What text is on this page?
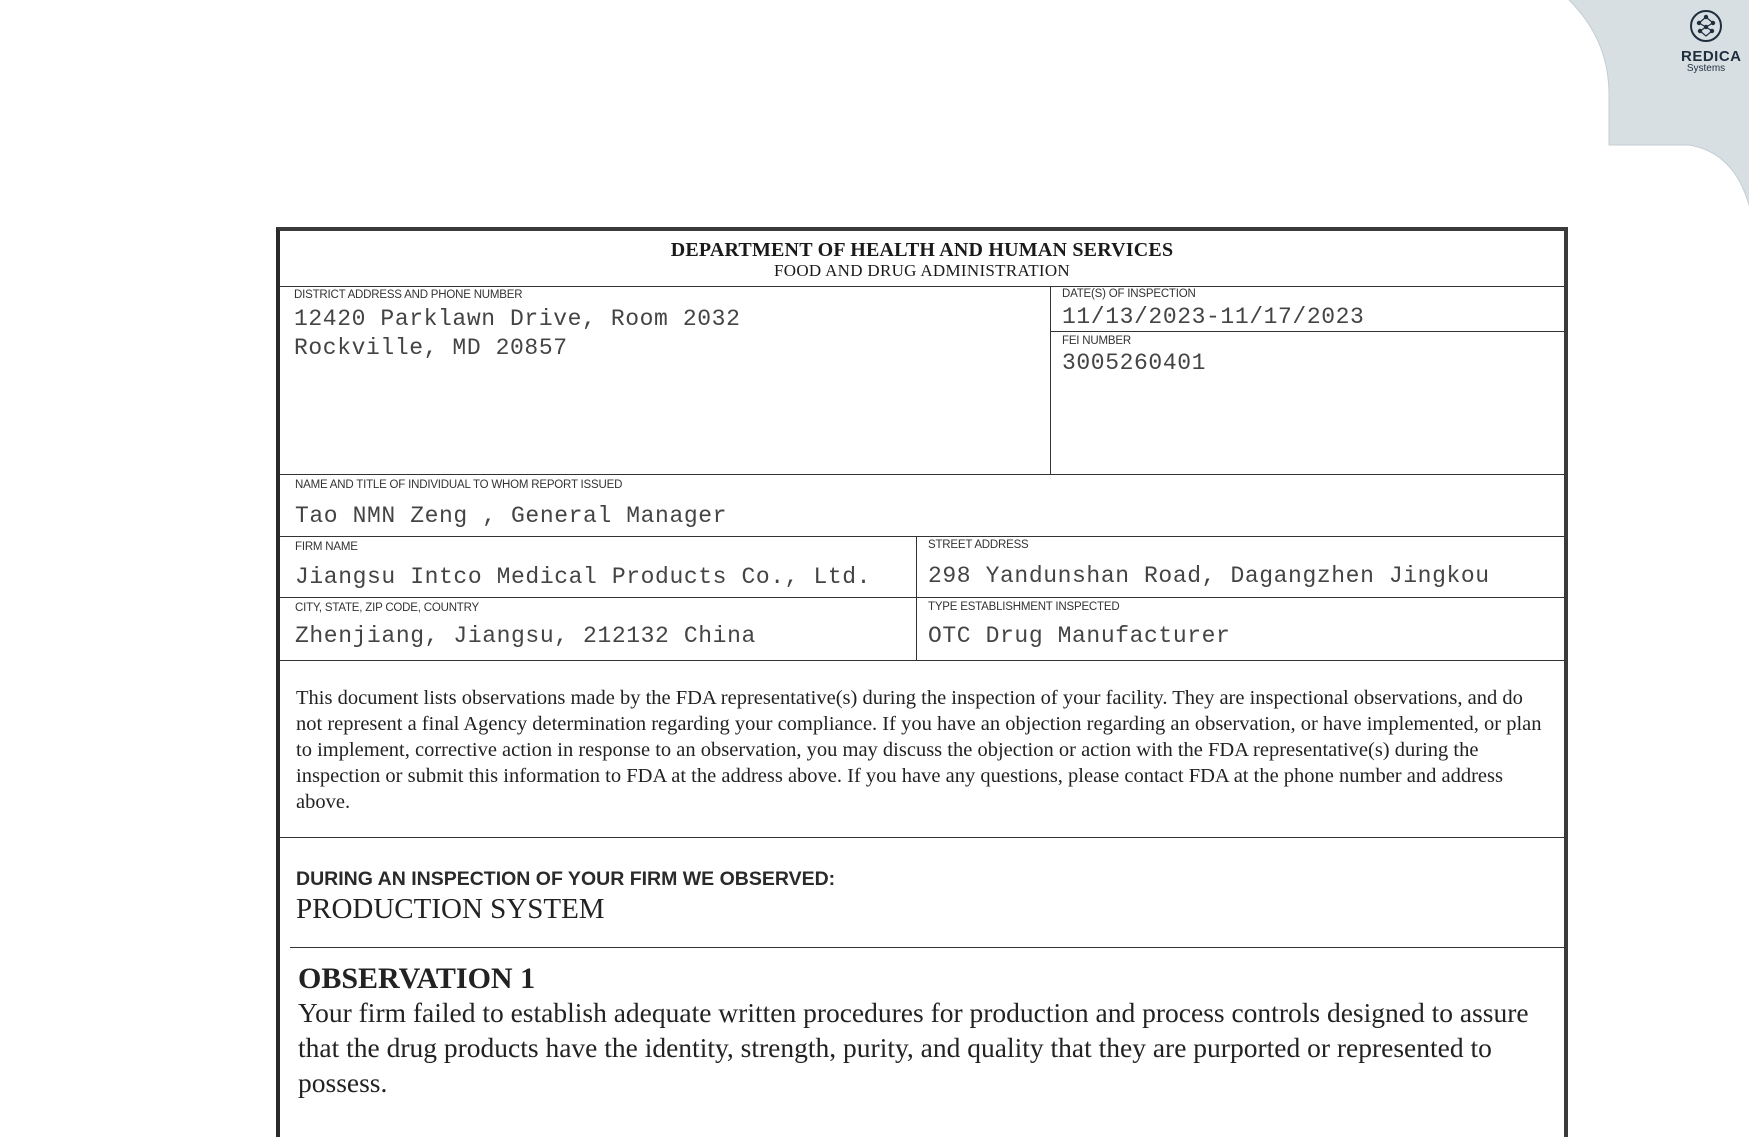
REDICA
Systems
DEPARTMENT OF HEALTH AND HUMAN SERVICES
FOOD AND DRUG ADMINISTRATION
DISTRICT ADDRESS AND PHONE NUMBER
12420 Parklawn Drive, Room 2032
Rockville, MD 20857
DATE(S) OF INSPECTION
11/13/2023-11/17/2023
FEI NUMBER
3005260401
NAME AND TITLE OF INDIVIDUAL TO WHOM REPORT ISSUED
Tao NMN Zeng , General Manager
FIRM NAME
Jiangsu Intco Medical Products Co., Ltd.
STREET ADDRESS
298 Yandunshan Road, Dagangzhen Jingkou
CITY, STATE, ZIP CODE, COUNTRY
Zhenjiang, Jiangsu, 212132 China
TYPE ESTABLISHMENT INSPECTED
OTC Drug Manufacturer
This document lists observations made by the FDA representative(s) during the inspection of your facility. They are inspectional observations, and do not represent a final Agency determination regarding your compliance. If you have an objection regarding an observation, or have implemented, or plan to implement, corrective action in response to an observation, you may discuss the objection or action with the FDA representative(s) during the inspection or submit this information to FDA at the address above. If you have any questions, please contact FDA at the phone number and address above.
DURING AN INSPECTION OF YOUR FIRM WE OBSERVED:
PRODUCTION SYSTEM
OBSERVATION 1
Your firm failed to establish adequate written procedures for production and process controls designed to assure that the drug products have the identity, strength, purity, and quality that they are purported or represented to possess.
